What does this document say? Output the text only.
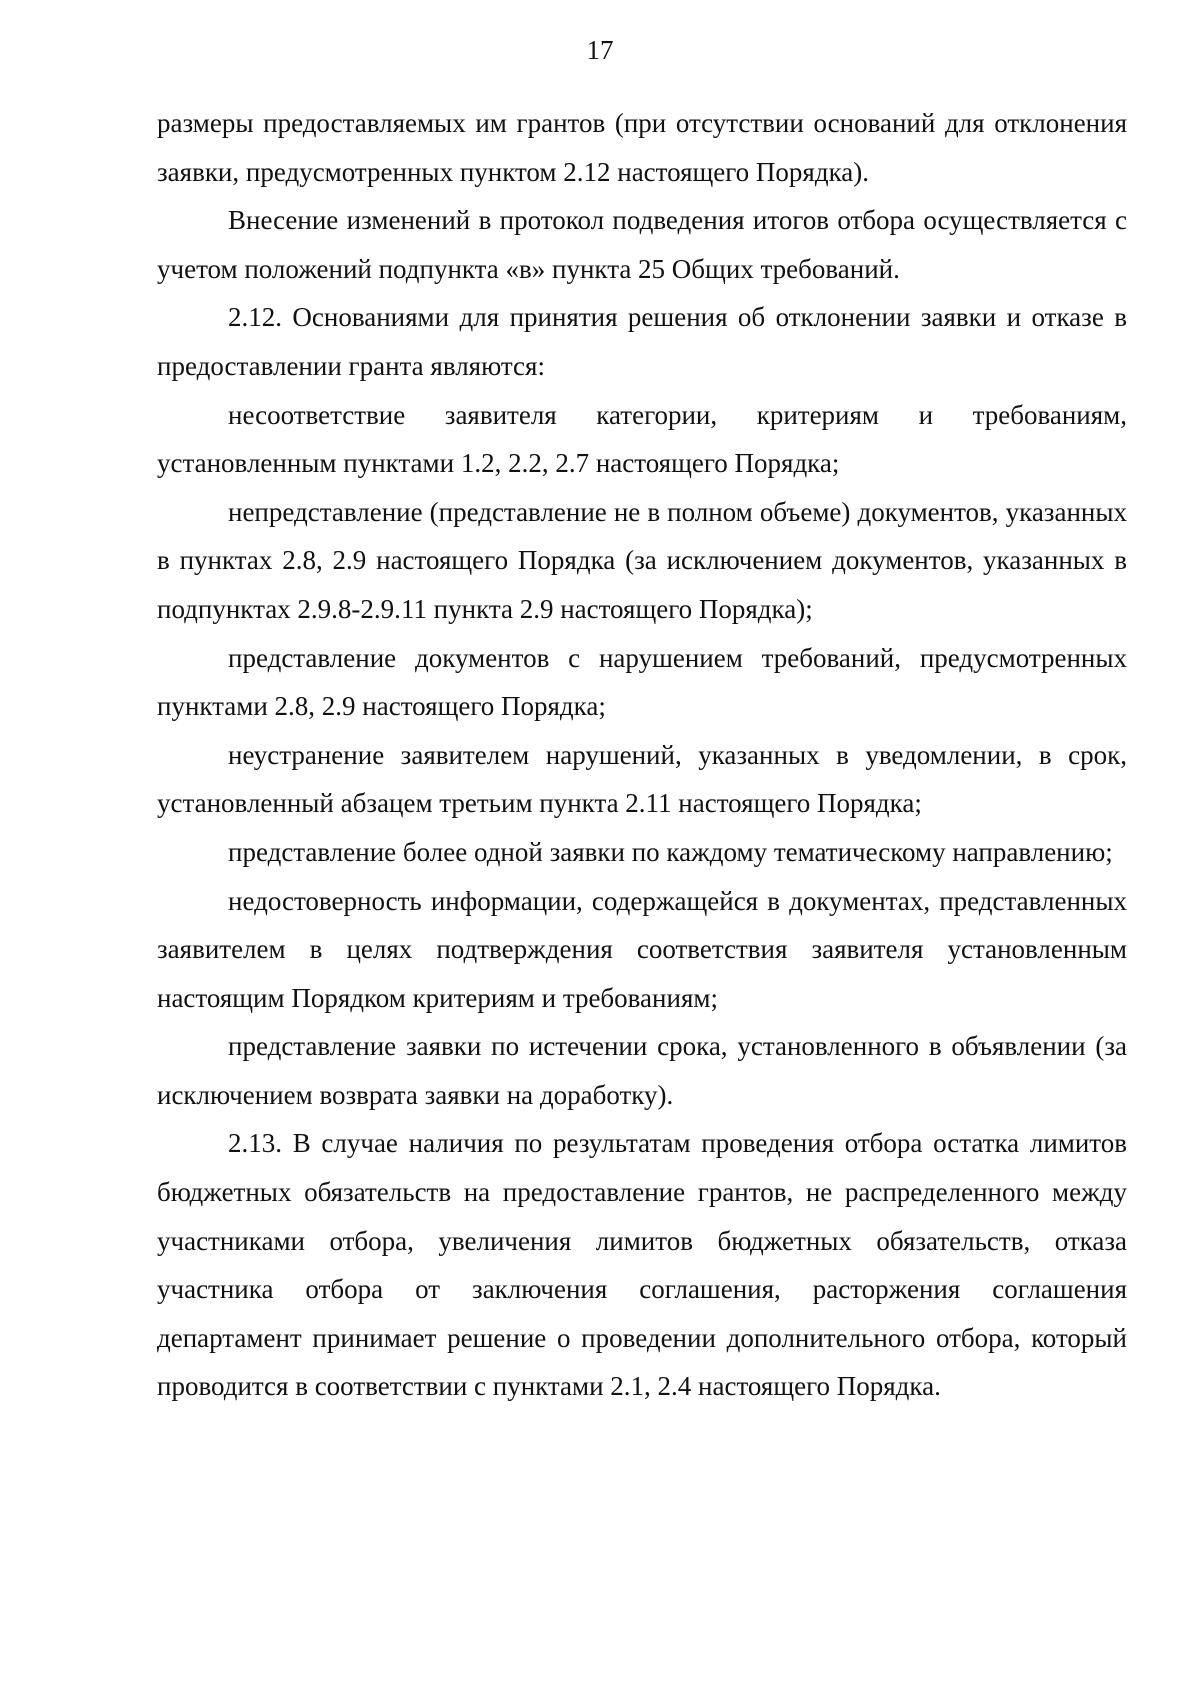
17

размеры предоставляемых им грантов (при отсутствии оснований для отклонения заявки, предусмотренных пунктом 2.12 настоящего Порядка).

Внесение изменений в протокол подведения итогов отбора осуществляется с учетом положений подпункта «в» пункта 25 Общих требований.

2.12. Основаниями для принятия решения об отклонении заявки и отказе в предоставлении гранта являются:

несоответствие заявителя категории, критериям и требованиям, установленным пунктами 1.2, 2.2, 2.7 настоящего Порядка;

непредставление (представление не в полном объеме) документов, указанных в пунктах 2.8, 2.9 настоящего Порядка (за исключением документов, указанных в подпунктах 2.9.8-2.9.11 пункта 2.9 настоящего Порядка);

представление документов с нарушением требований, предусмотренных пунктами 2.8, 2.9 настоящего Порядка;

неустранение заявителем нарушений, указанных в уведомлении, в срок, установленный абзацем третьим пункта 2.11 настоящего Порядка;

представление более одной заявки по каждому тематическому направлению;

недостоверность информации, содержащейся в документах, представленных заявителем в целях подтверждения соответствия заявителя установленным настоящим Порядком критериям и требованиям;

представление заявки по истечении срока, установленного в объявлении (за исключением возврата заявки на доработку).

2.13. В случае наличия по результатам проведения отбора остатка лимитов бюджетных обязательств на предоставление грантов, не распределенного между участниками отбора, увеличения лимитов бюджетных обязательств, отказа участника отбора от заключения соглашения, расторжения соглашения департамент принимает решение о проведении дополнительного отбора, который проводится в соответствии с пунктами 2.1, 2.4 настоящего Порядка.
